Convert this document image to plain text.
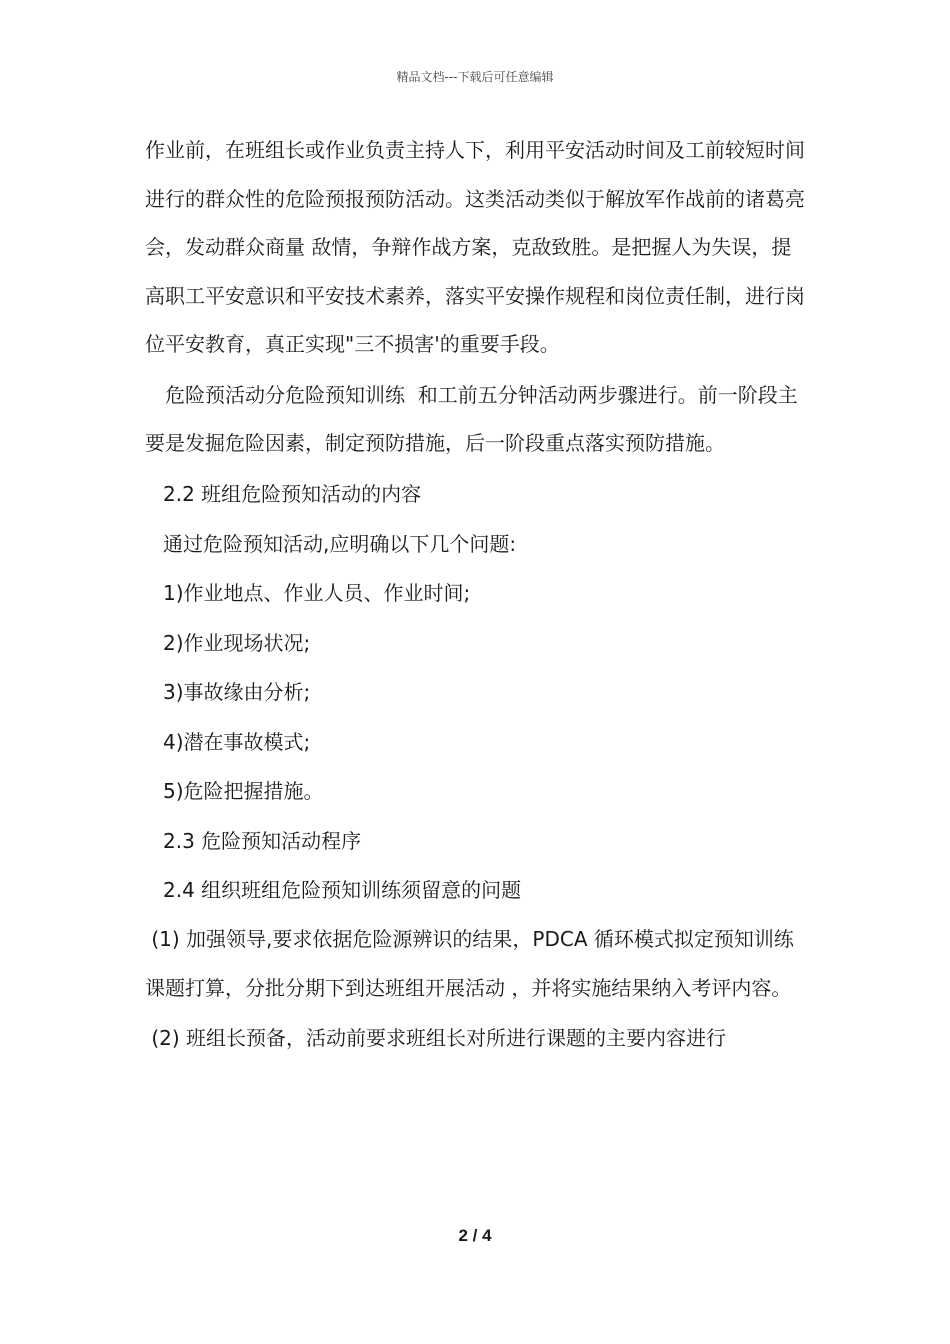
精品文档---下载后可任意编辑

作业前，在班组长或作业负责主持人下，利用平安活动时间及工前较短时间进行的群众性的危险预报预防活动。这类活动类似于解放军作战前的诸葛亮会，发动群众商量 敌情，争辩作战方案，克敌致胜。是把握人为失误，提高职工平安意识和平安技术素养，落实平安操作规程和岗位责任制，进行岗位平安教育，真正实现"三不损害'的重要手段。

　危险预活动分危险预知训练  和工前五分钟活动两步骤进行。前一阶段主要是发掘危险因素，制定预防措施，后一阶段重点落实预防措施。

2.2 班组危险预知活动的内容

通过危险预知活动,应明确以下几个问题:

1)作业地点、作业人员、作业时间;

2)作业现场状况;

3)事故缘由分析;

4)潜在事故模式;

5)危险把握措施。

2.3 危险预知活动程序

2.4 组织班组危险预知训练须留意的问题

(1) 加强领导,要求依据危险源辨识的结果，PDCA 循环模式拟定预知训练课题打算，分批分期下到达班组开展活动 ，并将实施结果纳入考评内容。

(2) 班组长预备，活动前要求班组长对所进行课题的主要内容进行

2 / 4
